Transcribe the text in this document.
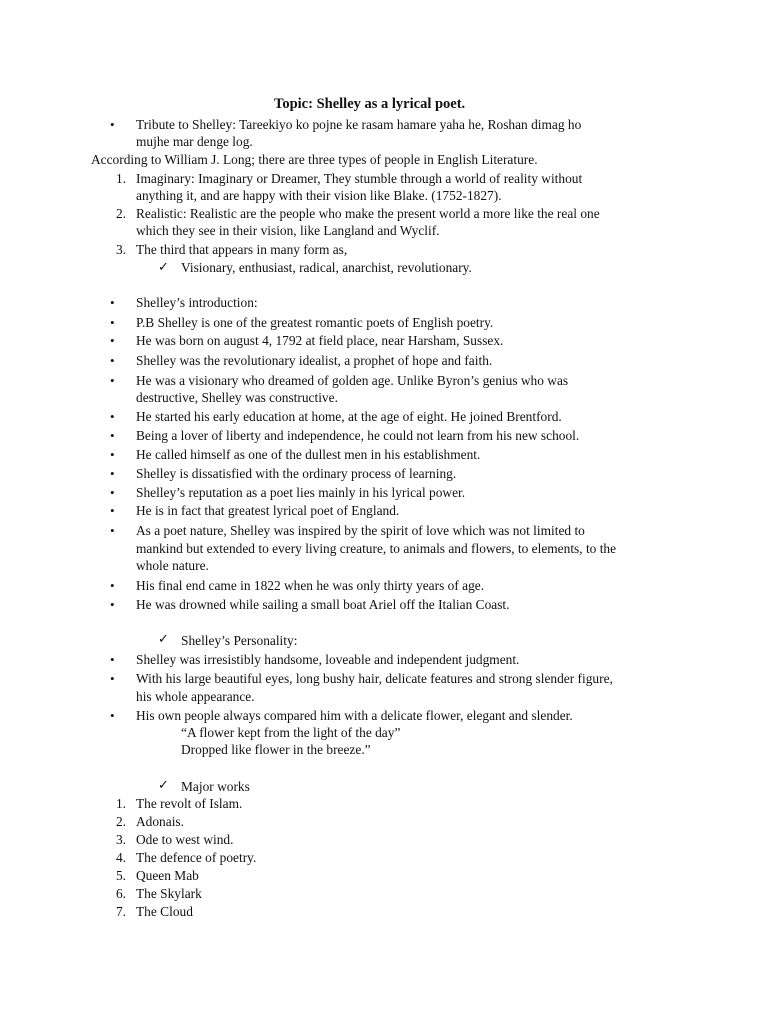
Topic: Shelley as a lyrical poet.
•	Tribute to Shelley: Tareekiyo ko pojne ke rasam hamare yaha he, Roshan dimag ho
mujhe mar denge log.
According to William J. Long; there are three types of people in English Literature.
1. Imaginary: Imaginary or Dreamer, They stumble through a world of reality without
anything it, and are happy with their vision like Blake. (1752-1827).
2. Realistic: Realistic are the people who make the present world a more like the real one
which they see in their vision, like Langland and Wyclif.
3. The third that appears in many form as,
✓ Visionary, enthusiast, radical, anarchist, revolutionary.
• Shelley’s introduction:
• P.B Shelley is one of the greatest romantic poets of English poetry.
• He was born on august 4, 1792 at field place, near Harsham, Sussex.
• Shelley was the revolutionary idealist, a prophet of hope and faith.
• He was a visionary who dreamed of golden age. Unlike Byron’s genius who was
destructive, Shelley was constructive.
• He started his early education at home, at the age of eight. He joined Brentford.
• Being a lover of liberty and independence, he could not learn from his new school.
• He called himself as one of the dullest men in his establishment.
• Shelley is dissatisfied with the ordinary process of learning.
• Shelley’s reputation as a poet lies mainly in his lyrical power.
• He is in fact that greatest lyrical poet of England.
• As a poet nature, Shelley was inspired by the spirit of love which was not limited to
mankind but extended to every living creature, to animals and flowers, to elements, to the
whole nature.
• His final end came in 1822 when he was only thirty years of age.
• He was drowned while sailing a small boat Ariel off the Italian Coast.
✓ Shelley’s Personality:
• Shelley was irresistibly handsome, loveable and independent judgment.
• With his large beautiful eyes, long bushy hair, delicate features and strong slender figure,
his whole appearance.
• His own people always compared him with a delicate flower, elegant and slender.
“A flower kept from the light of the day”
Dropped like flower in the breeze.”
✓ Major works
1. The revolt of Islam.
2. Adonais.
3. Ode to west wind.
4. The defence of poetry.
5. Queen Mab
6. The Skylark
7. The Cloud
